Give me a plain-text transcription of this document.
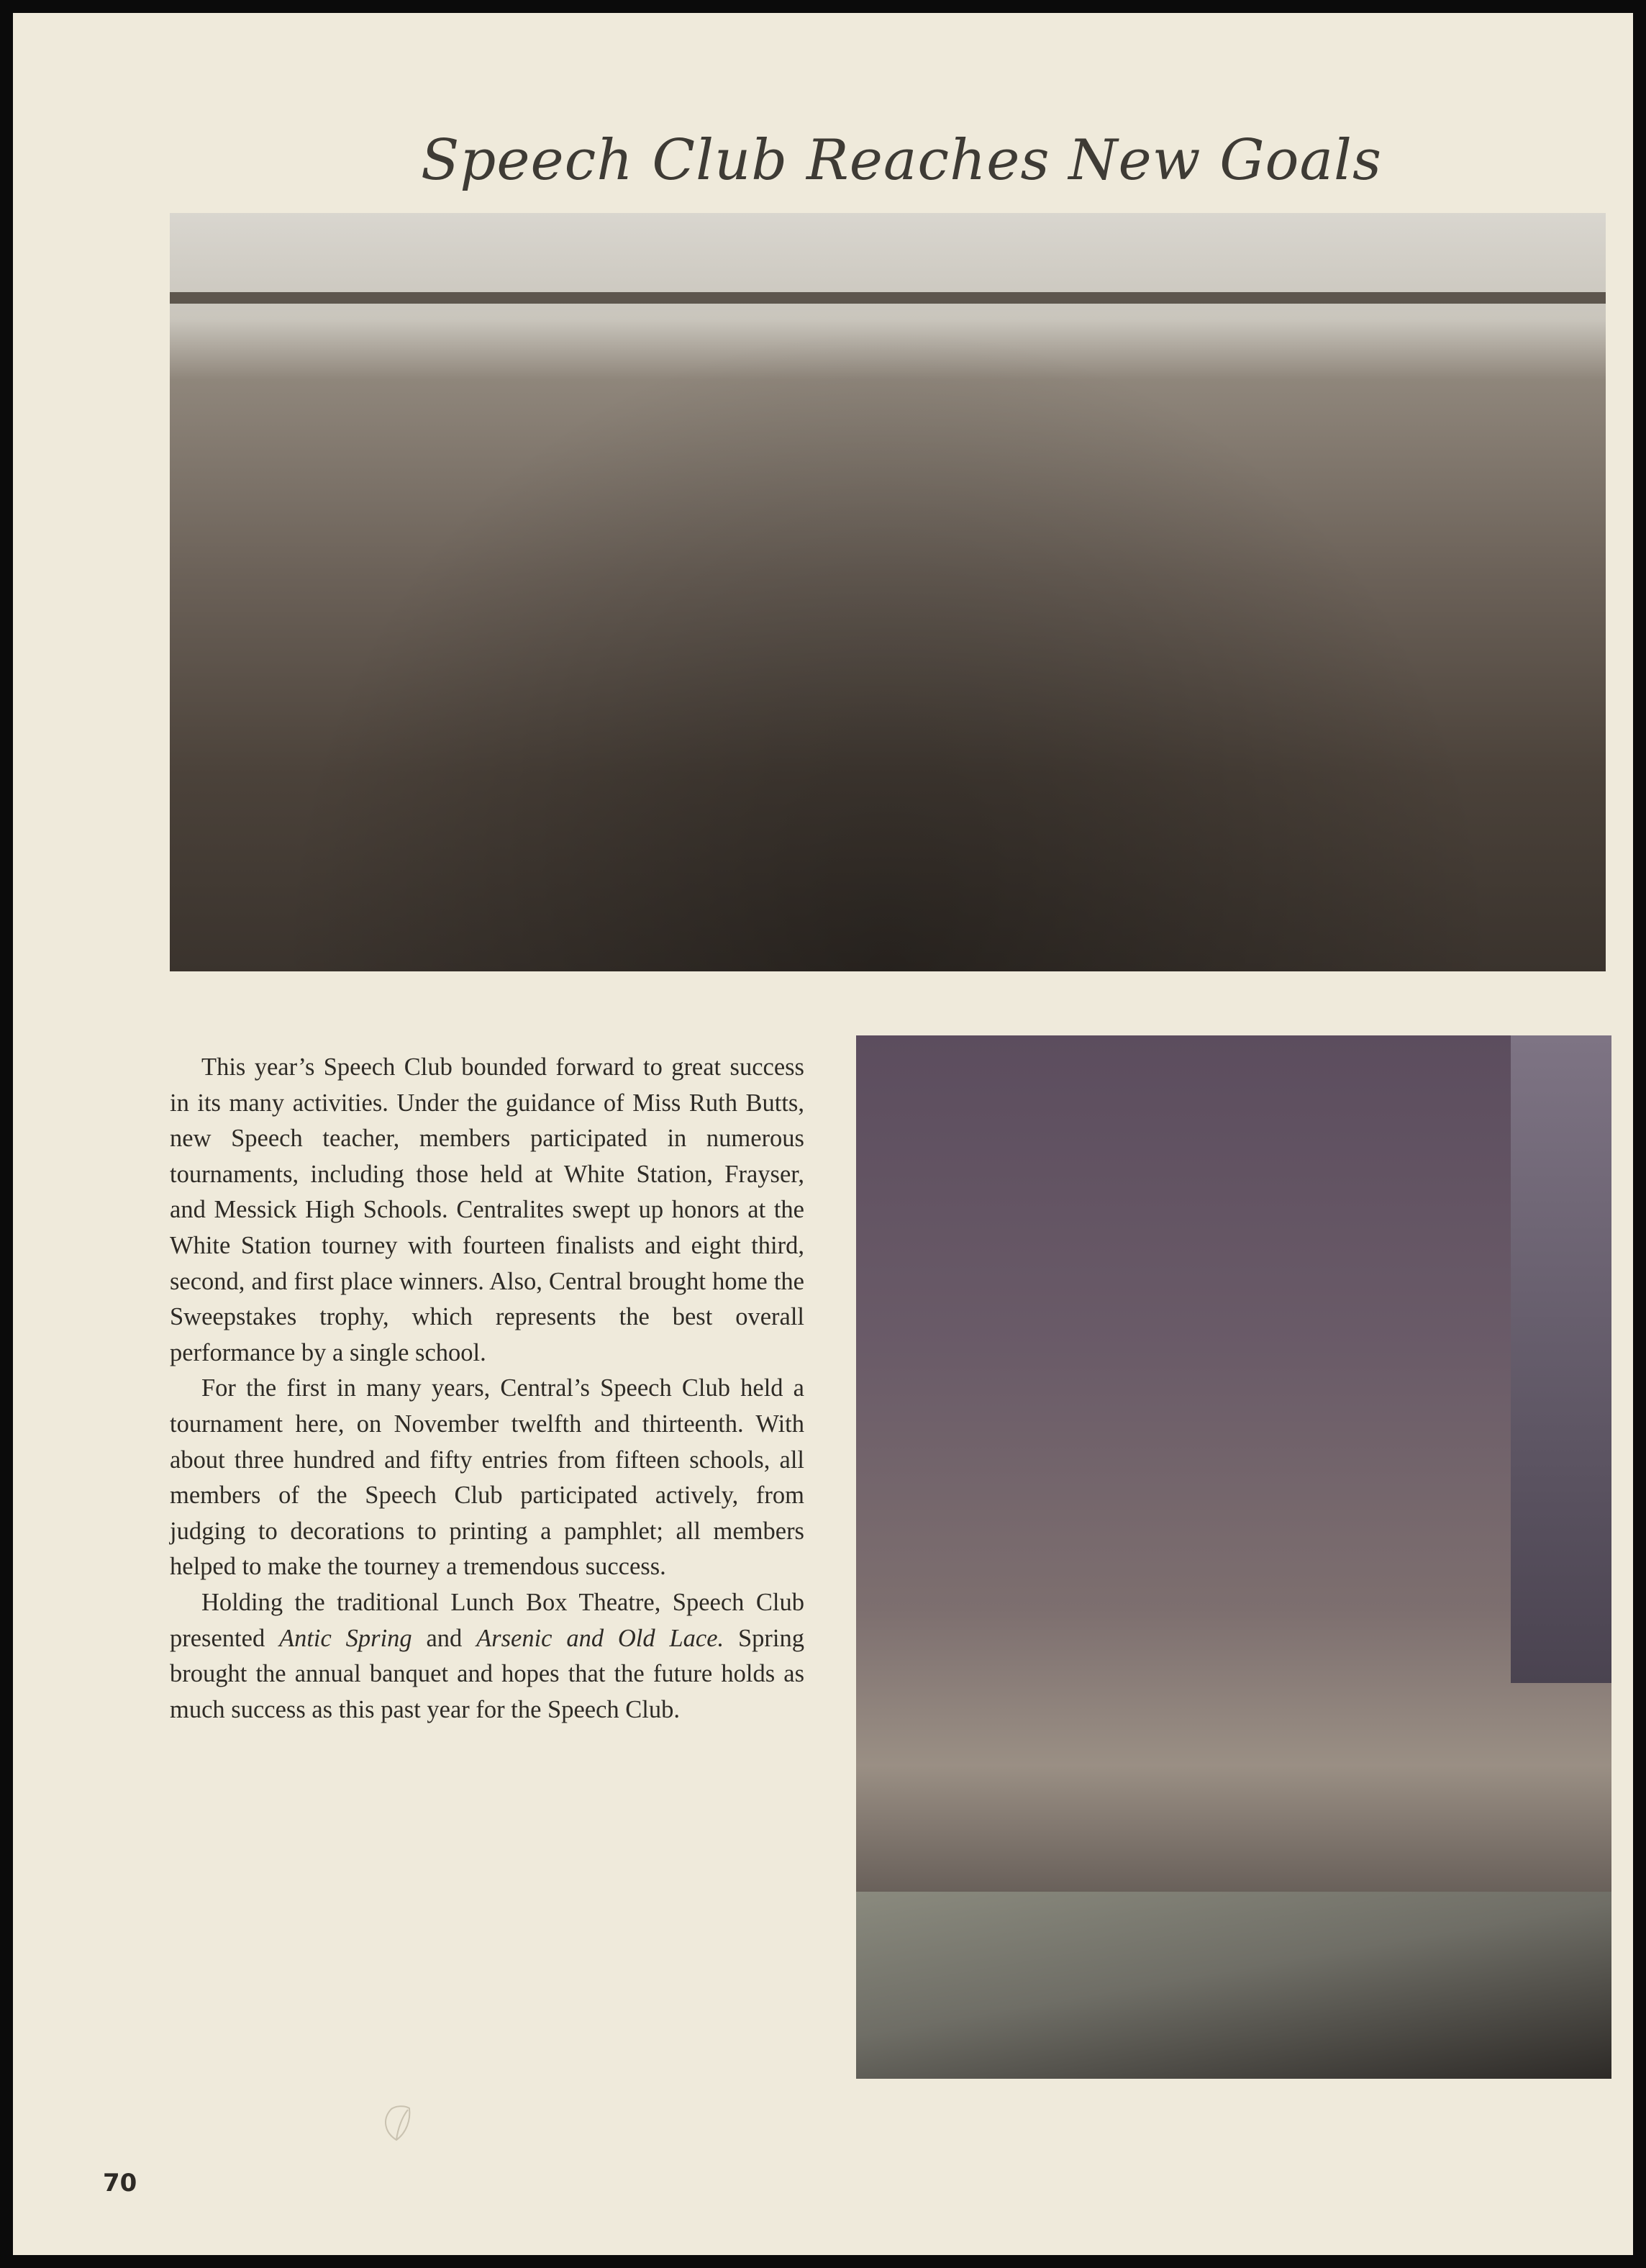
Speech Club Reaches New Goals

This year’s Speech Club bounded forward to great success in its many activities. Under the guidance of Miss Ruth Butts, new Speech teacher, members participated in numerous tournaments, including those held at White Station, Frayser, and Messick High Schools. Centralites swept up honors at the White Station tourney with fourteen finalists and eight third, second, and first place winners. Also, Central brought home the Sweepstakes trophy, which represents the best overall performance by a single school.

For the first in many years, Central’s Speech Club held a tournament here, on November twelfth and thirteenth. With about three hundred and fifty entries from fifteen schools, all members of the Speech Club participated actively, from judging to decorations to printing a pamphlet; all members helped to make the tourney a tremendous success.

Holding the traditional Lunch Box Theatre, Speech Club presented Antic Spring and Arsenic and Old Lace. Spring brought the annual banquet and hopes that the future holds as much success as this past year for the Speech Club.

70
